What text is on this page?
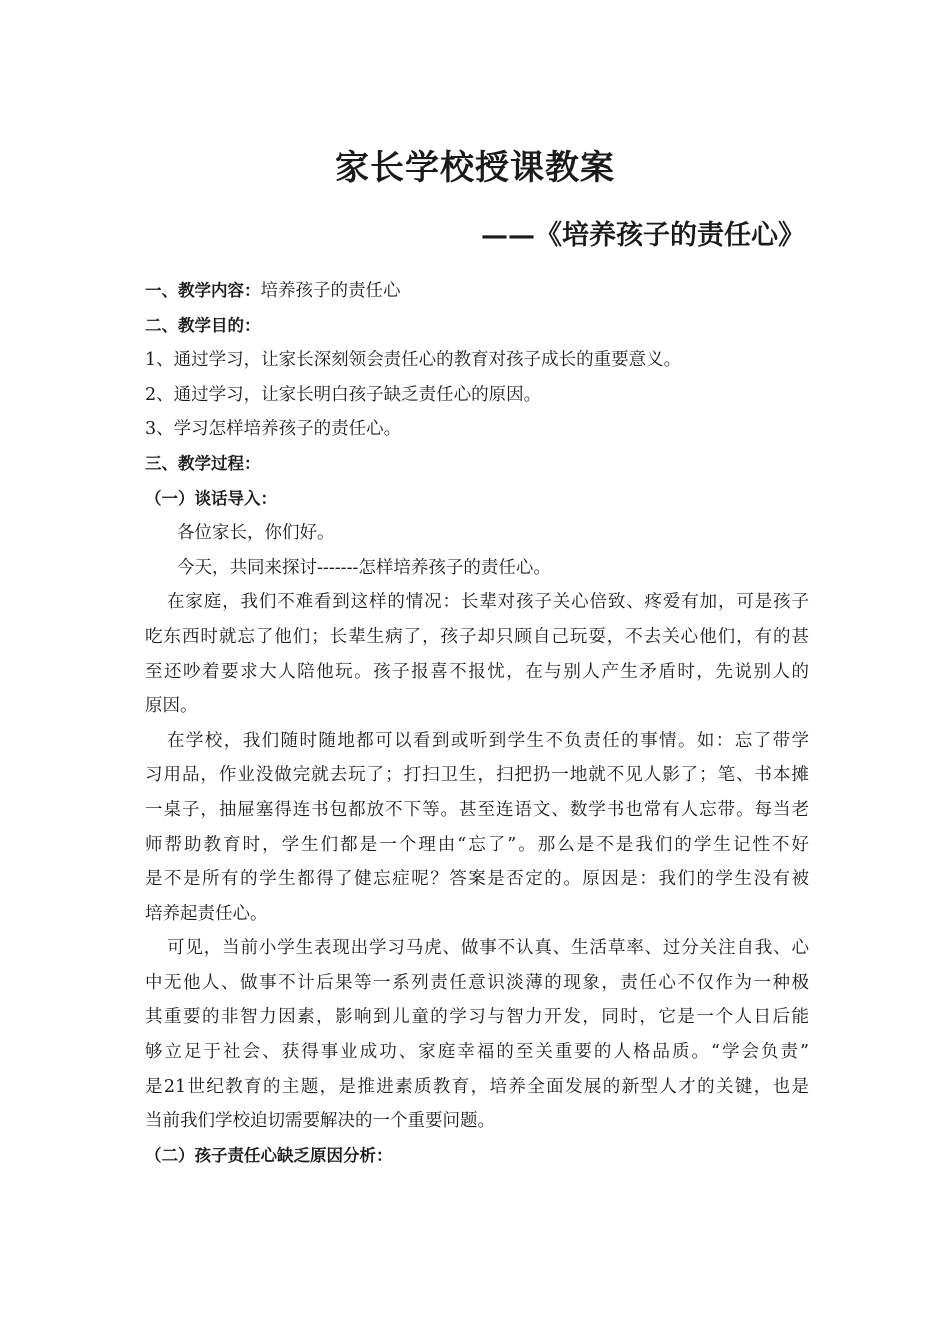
家长学校授课教案
——《培养孩子的责任心》
一、教学内容：培养孩子的责任心
二、教学目的：
1、通过学习，让家长深刻领会责任心的教育对孩子成长的重要意义。
2、通过学习，让家长明白孩子缺乏责任心的原因。
3、学习怎样培养孩子的责任心。
三、教学过程：
（一）谈话导入：
各位家长，你们好。
今天，共同来探讨-------怎样培养孩子的责任心。
在家庭，我们不难看到这样的情况：长辈对孩子关心倍致、疼爱有加，可是孩子
吃东西时就忘了他们；长辈生病了，孩子却只顾自己玩耍，不去关心他们，有的甚
至还吵着要求大人陪他玩。孩子报喜不报忧，在与别人产生矛盾时，先说别人的
原因。
在学校，我们随时随地都可以看到或听到学生不负责任的事情。如：忘了带学
习用品，作业没做完就去玩了；打扫卫生，扫把扔一地就不见人影了；笔、书本摊
一桌子，抽屉塞得连书包都放不下等。甚至连语文、数学书也常有人忘带。每当老
师帮助教育时，学生们都是一个理由“忘了”。那么是不是我们的学生记性不好
是不是所有的学生都得了健忘症呢？答案是否定的。原因是：我们的学生没有被
培养起责任心。
可见，当前小学生表现出学习马虎、做事不认真、生活草率、过分关注自我、心
中无他人、做事不计后果等一系列责任意识淡薄的现象，责任心不仅作为一种极
其重要的非智力因素，影响到儿童的学习与智力开发，同时，它是一个人日后能
够立足于社会、获得事业成功、家庭幸福的至关重要的人格品质。“学会负责”
是21世纪教育的主题，是推进素质教育，培养全面发展的新型人才的关键，也是
当前我们学校迫切需要解决的一个重要问题。
（二）孩子责任心缺乏原因分析：
